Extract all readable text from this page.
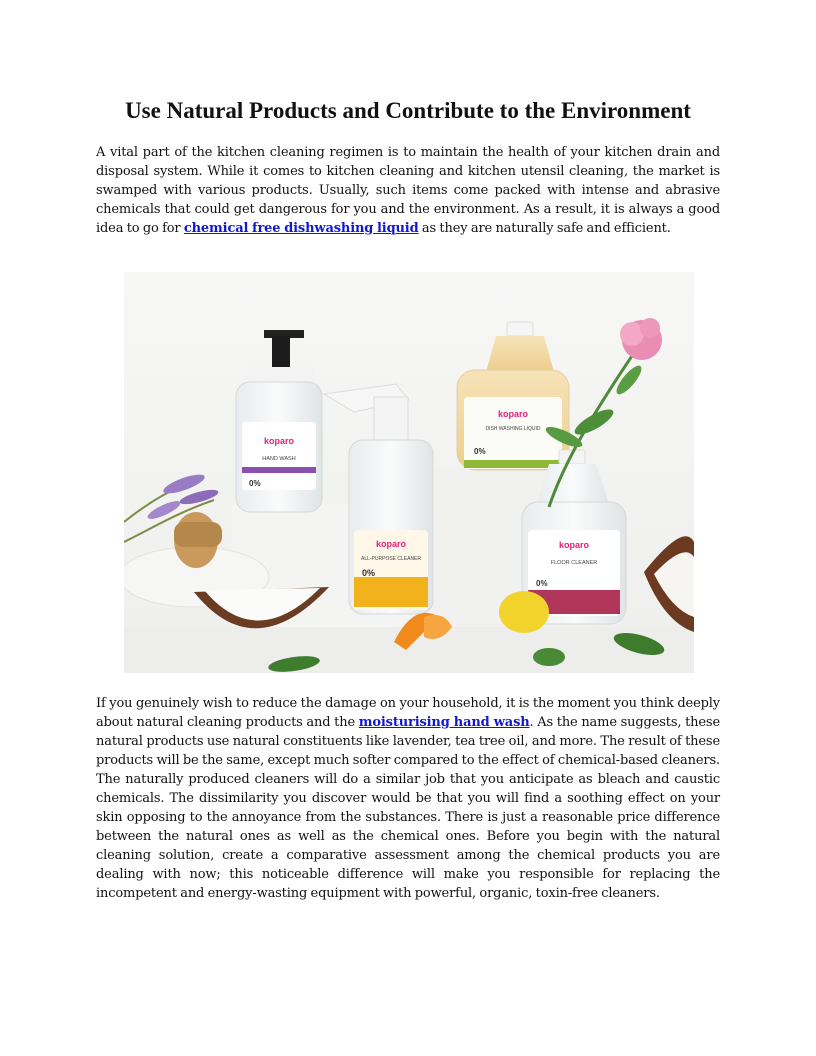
Use Natural Products and Contribute to the Environment

A vital part of the kitchen cleaning regimen is to maintain the health of your kitchen drain and disposal system. While it comes to kitchen cleaning and kitchen utensil cleaning, the market is swamped with various products. Usually, such items come packed with intense and abrasive chemicals that could get dangerous for you and the environment. As a result, it is always a good idea to go for chemical free dishwashing liquid as they are naturally safe and efficient.

koparo
HAND WASH
0%
koparo
ALL-PURPOSE CLEANER
0%
koparo
DISH WASHING LIQUID
0%
koparo
FLOOR CLEANER
0%

If you genuinely wish to reduce the damage on your household, it is the moment you think deeply about natural cleaning products and the moisturising hand wash. As the name suggests, these natural products use natural constituents like lavender, tea tree oil, and more. The result of these products will be the same, except much softer compared to the effect of chemical-based cleaners. The naturally produced cleaners will do a similar job that you anticipate as bleach and caustic chemicals. The dissimilarity you discover would be that you will find a soothing effect on your skin opposing to the annoyance from the substances. There is just a reasonable price difference between the natural ones as well as the chemical ones. Before you begin with the natural cleaning solution, create a comparative assessment among the chemical products you are dealing with now; this noticeable difference will make you responsible for replacing the incompetent and energy-wasting equipment with powerful, organic, toxin-free cleaners.
